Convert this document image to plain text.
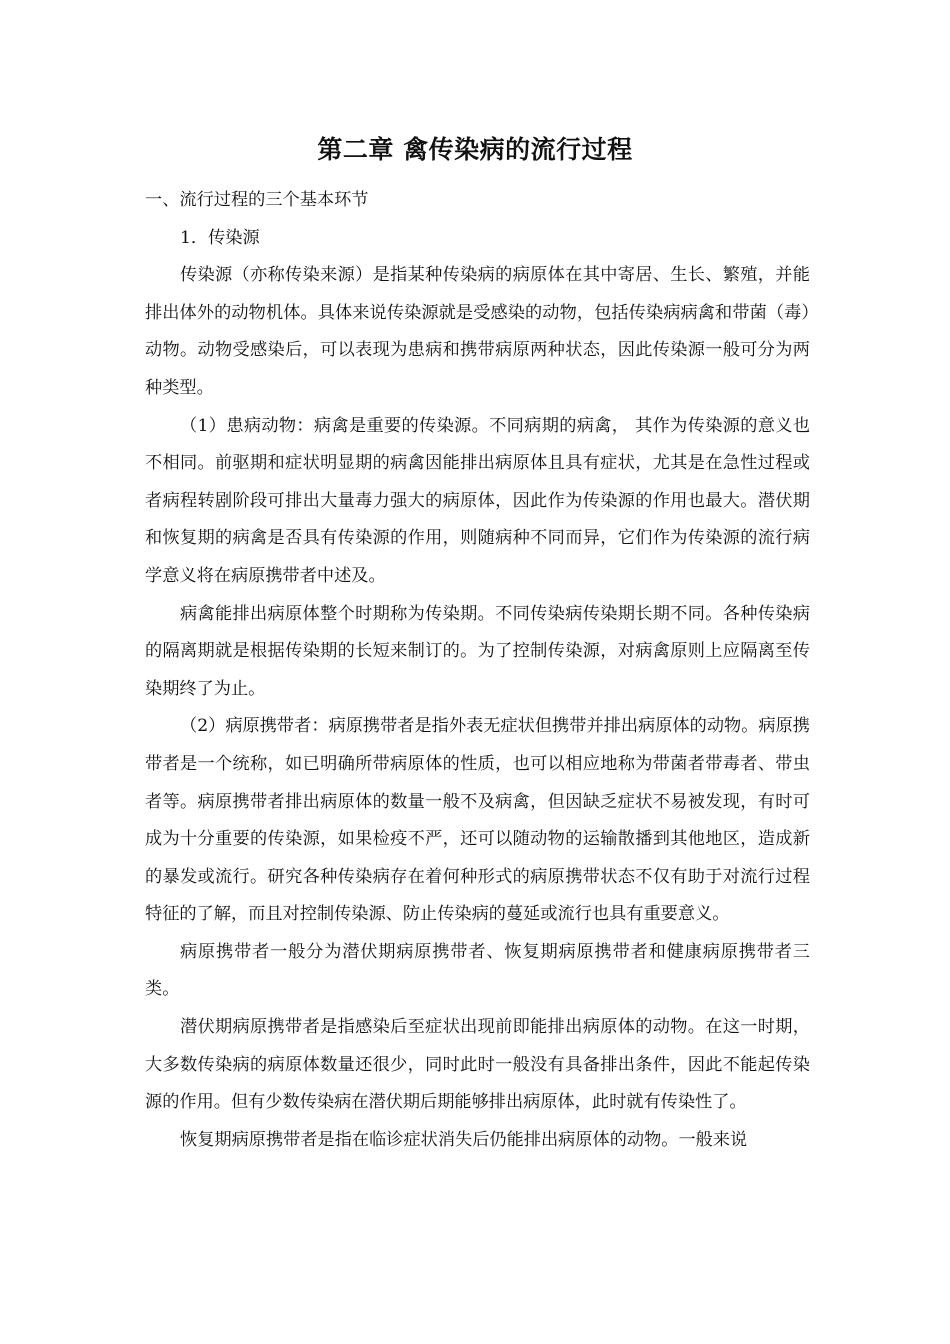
第二章 禽传染病的流行过程

一、流行过程的三个基本环节

1．传染源

传染源（亦称传染来源）是指某种传染病的病原体在其中寄居、生长、繁殖，并能排出体外的动物机体。具体来说传染源就是受感染的动物，包括传染病病禽和带菌（毒）动物。动物受感染后，可以表现为患病和携带病原两种状态，因此传染源一般可分为两种类型。

（1）患病动物：病禽是重要的传染源。不同病期的病禽， 其作为传染源的意义也不相同。前驱期和症状明显期的病禽因能排出病原体且具有症状，尤其是在急性过程或者病程转剧阶段可排出大量毒力强大的病原体，因此作为传染源的作用也最大。潜伏期和恢复期的病禽是否具有传染源的作用，则随病种不同而异，它们作为传染源的流行病学意义将在病原携带者中述及。

病禽能排出病原体整个时期称为传染期。不同传染病传染期长期不同。各种传染病的隔离期就是根据传染期的长短来制订的。为了控制传染源，对病禽原则上应隔离至传染期终了为止。

（2）病原携带者：病原携带者是指外表无症状但携带并排出病原体的动物。病原携带者是一个统称，如已明确所带病原体的性质，也可以相应地称为带菌者带毒者、带虫者等。病原携带者排出病原体的数量一般不及病禽，但因缺乏症状不易被发现，有时可成为十分重要的传染源，如果检疫不严，还可以随动物的运输散播到其他地区，造成新的暴发或流行。研究各种传染病存在着何种形式的病原携带状态不仅有助于对流行过程特征的了解，而且对控制传染源、防止传染病的蔓延或流行也具有重要意义。

病原携带者一般分为潜伏期病原携带者、恢复期病原携带者和健康病原携带者三类。

潜伏期病原携带者是指感染后至症状出现前即能排出病原体的动物。在这一时期，大多数传染病的病原体数量还很少，同时此时一般没有具备排出条件，因此不能起传染源的作用。但有少数传染病在潜伏期后期能够排出病原体，此时就有传染性了。

恢复期病原携带者是指在临诊症状消失后仍能排出病原体的动物。一般来说
